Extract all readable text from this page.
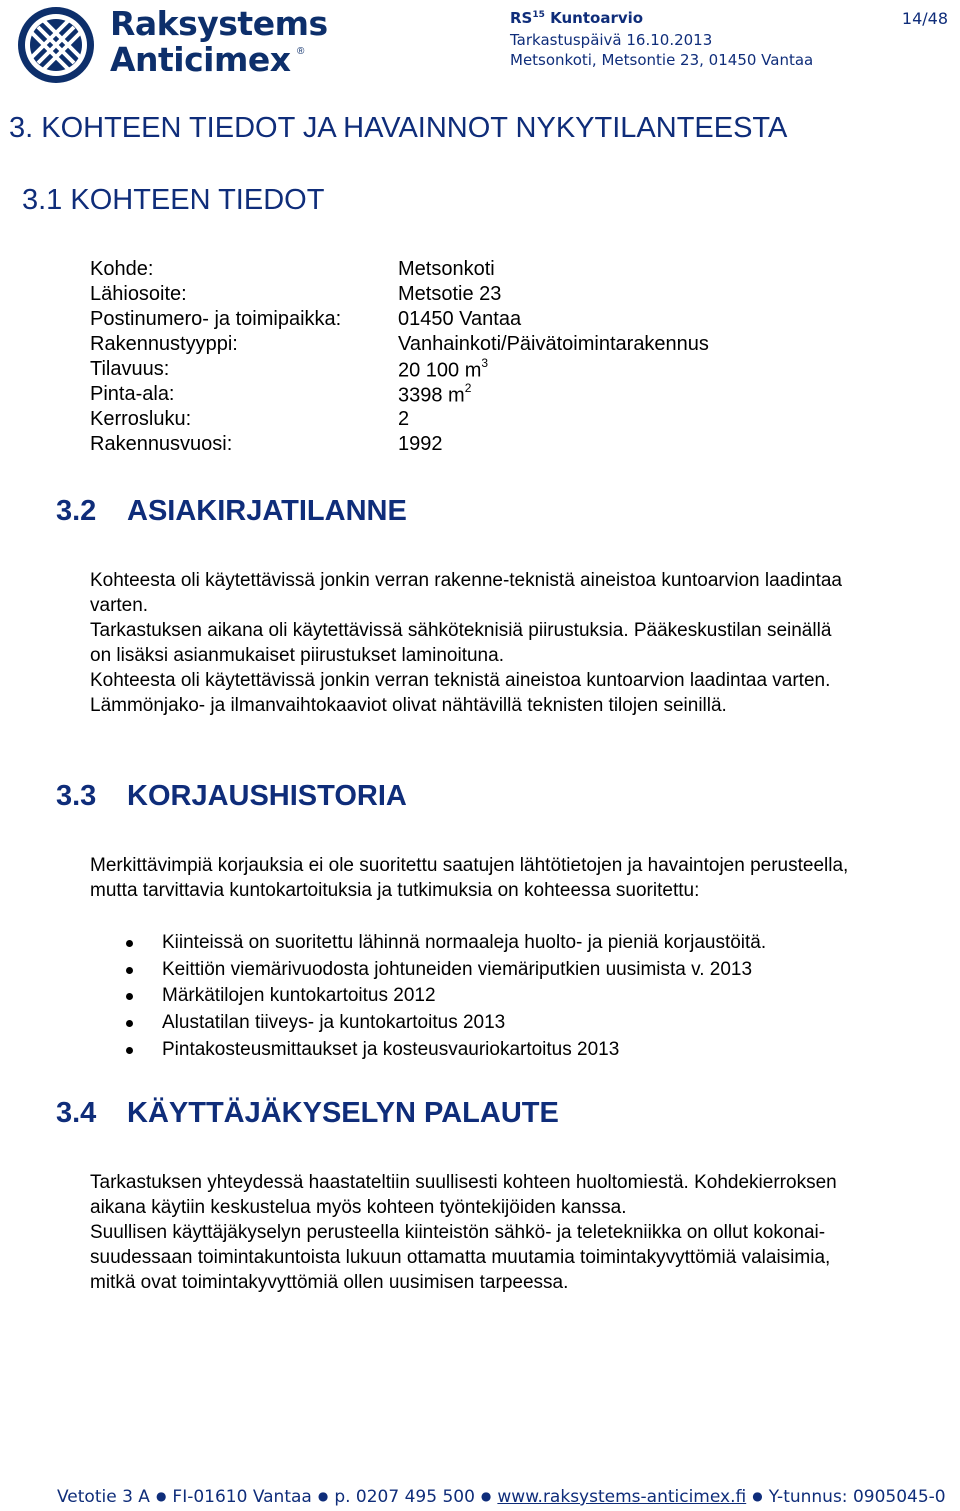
Raksystems
Anticimex ®
RS$^{15}$ Kuntoarvio
Tarkastuspäivä 16.10.2013
Metsonkoti, Metsontie 23, 01450 Vantaa
14/48
3. KOHTEEN TIEDOT JA HAVAINNOT NYKYTILANTEESTA
3.1 KOHTEEN TIEDOT
Kohde:	Metsonkoti
Lähiosoite:	Metsotie 23
Postinumero- ja toimipaikka:	01450 Vantaa
Rakennustyyppi:	Vanhainkoti/Päivätoimintarakennus
Tilavuus:	20 100 $m^3$
Pinta-ala:	3398 $m^2$
Kerrosluku:	2
Rakennusvuosi:	1992
3.2 ASIAKIRJATILANNE
Kohteesta oli käytettävissä jonkin verran rakenne-teknistä aineistoa kuntoarvion laadintaa
varten.
Tarkastuksen aikana oli käytettävissä sähköteknisiä piirustuksia. Pääkeskustilan seinällä
on lisäksi asianmukaiset piirustukset laminoituna.
Kohteesta oli käytettävissä jonkin verran teknistä aineistoa kuntoarvion laadintaa varten.
Lämmönjako- ja ilmanvaihtokaaviot olivat nähtävillä teknisten tilojen seinillä.
3.3 KORJAUSHISTORIA
Merkittävimpiä korjauksia ei ole suoritettu saatujen lähtötietojen ja havaintojen perusteella,
mutta tarvittavia kuntokartoituksia ja tutkimuksia on kohteessa suoritettu:
Kiinteissä on suoritettu lähinnä normaaleja huolto- ja pieniä korjaustöitä.
Keittiön viemärivuodosta johtuneiden viemäriputkien uusimista v. 2013
Märkätilojen kuntokartoitus 2012
Alustatilan tiiveys- ja kuntokartoitus 2013
Pintakosteusmittaukset ja kosteusvauriokartoitus 2013
3.4 KÄYTTÄJÄKYSELYN PALAUTE
Tarkastuksen yhteydessä haastateltiin suullisesti kohteen huoltomiestä. Kohdekierroksen
aikana käytiin keskustelua myös kohteen työntekijöiden kanssa.
Suullisen käyttäjäkyselyn perusteella kiinteistön sähkö- ja teletekniikka on ollut kokonai-
suudessaan toimintakuntoista lukuun ottamatta muutamia toimintakyvyttömiä valaisimia,
mitkä ovat toimintakyvyttömiä ollen uusimisen tarpeessa.
Vetotie 3 A ● FI-01610 Vantaa ● p. 0207 495 500 ● www.raksystems-anticimex.fi ● Y-tunnus: 0905045-0
